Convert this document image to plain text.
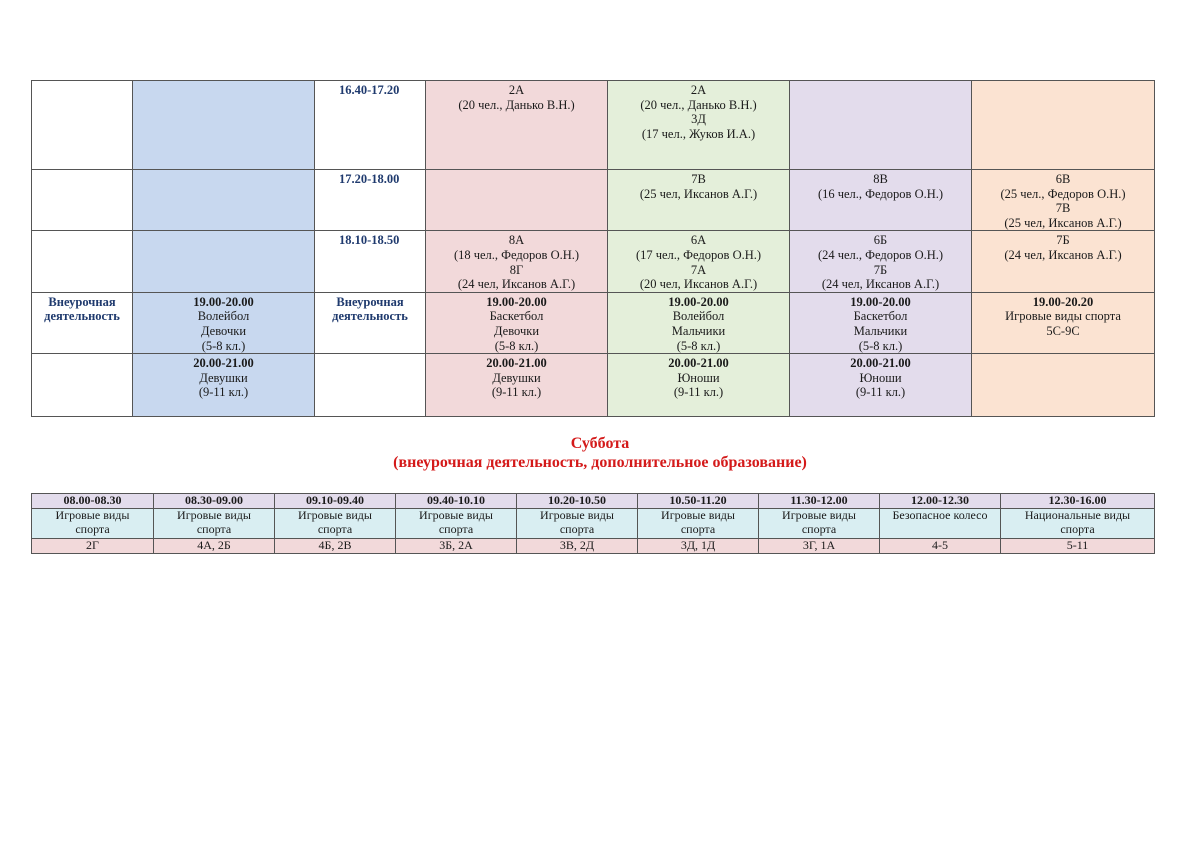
		16.40-17.20	2А
(20 чел., Данько В.Н.)	2А
(20 чел., Данько В.Н.)
3Д
(17 чел., Жуков И.А.)		

		17.20-18.00		7В
(25 чел, Иксанов А.Г.)	8В
(16 чел., Федоров О.Н.)	6В
(25 чел., Федоров О.Н.)
7В
(25 чел, Иксанов А.Г.)

		18.10-18.50	8А
(18 чел., Федоров О.Н.)
8Г
(24 чел, Иксанов А.Г.)	6А
(17 чел., Федоров О.Н.)
7А
(20 чел, Иксанов А.Г.)	6Б
(24 чел., Федоров О.Н.)
7Б
(24 чел, Иксанов А.Г.)	7Б
(24 чел, Иксанов А.Г.)

Внеурочная
деятельность	19.00-20.00
Волейбол
Девочки
(5-8 кл.)	Внеурочная
деятельность	19.00-20.00
Баскетбол
Девочки
(5-8 кл.)	19.00-20.00
Волейбол
Мальчики
(5-8 кл.)	19.00-20.00
Баскетбол
Мальчики
(5-8 кл.)	19.00-20.20
Игровые виды спорта
5С-9С

	20.00-21.00
Девушки
(9-11 кл.)		20.00-21.00
Девушки
(9-11 кл.)	20.00-21.00
Юноши
(9-11 кл.)	20.00-21.00
Юноши
(9-11 кл.)	

Суббота
(внеурочная деятельность, дополнительное образование)
08.00-08.30	08.30-09.00	09.10-09.40	09.40-10.10	10.20-10.50	10.50-11.20	11.30-12.00	12.00-12.30	12.30-16.00

Игровые виды
спорта	Игровые виды
спорта	Игровые виды
спорта	Игровые виды
спорта	Игровые виды
спорта	Игровые виды
спорта	Игровые виды
спорта	Безопасное колесо	Национальные виды
спорта

2Г	4А, 2Б	4Б, 2В	3Б, 2А	3В, 2Д	3Д, 1Д	3Г, 1А	4-5	5-11
